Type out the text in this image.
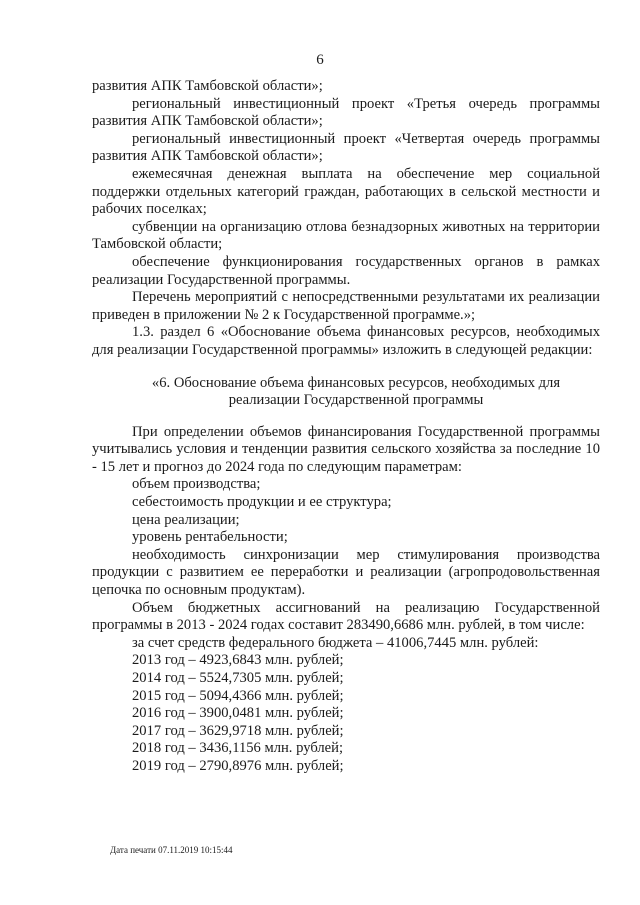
6

развития АПК Тамбовской области»;

региональный инвестиционный проект «Третья очередь программы развития АПК Тамбовской области»;

региональный инвестиционный проект «Четвертая очередь программы развития АПК Тамбовской области»;

ежемесячная денежная выплата на обеспечение мер социальной поддержки отдельных категорий граждан, работающих в сельской местности и рабочих поселках;

субвенции на организацию отлова безнадзорных животных на территории Тамбовской области;

обеспечение функционирования государственных органов в рамках реализации Государственной программы.

Перечень мероприятий с непосредственными результатами их реализации приведен в приложении № 2 к Государственной программе.»;

1.3. раздел 6 «Обоснование объема финансовых ресурсов, необходимых для реализации Государственной программы» изложить в следующей редакции:

«6. Обоснование объема финансовых ресурсов, необходимых для
реализации Государственной программы

При определении объемов финансирования Государственной программы учитывались условия и тенденции развития сельского хозяйства за последние 10 - 15 лет и прогноз до 2024 года по следующим параметрам:

объем производства;

себестоимость продукции и ее структура;

цена реализации;

уровень рентабельности;

необходимость синхронизации мер стимулирования производства продукции с развитием ее переработки и реализации (агропродовольственная цепочка по основным продуктам).

Объем бюджетных ассигнований на реализацию Государственной программы в 2013 - 2024 годах составит 283490,6686 млн. рублей, в том числе:

за счет средств федерального бюджета – 41006,7445 млн. рублей:

2013 год – 4923,6843 млн. рублей;

2014 год – 5524,7305 млн. рублей;

2015 год – 5094,4366 млн. рублей;

2016 год – 3900,0481 млн. рублей;

2017 год – 3629,9718 млн. рублей;

2018 год – 3436,1156 млн. рублей;

2019 год – 2790,8976 млн. рублей;

Дата печати 07.11.2019 10:15:44
